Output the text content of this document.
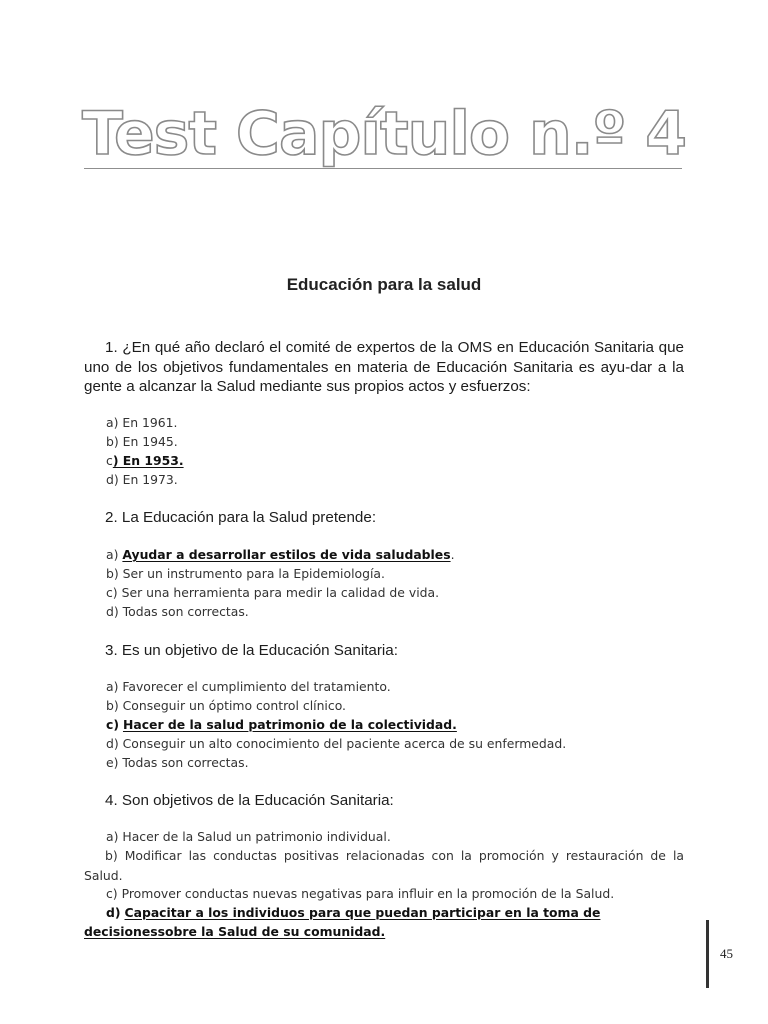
Test Capítulo n.º 4
Educación para la salud
1. ¿En qué año declaró el comité de expertos de la OMS en Educación Sanitaria que uno de los objetivos fundamentales en materia de Educación Sanitaria es ayu-dar a la gente a alcanzar la Salud mediante sus propios actos y esfuerzos:
a) En 1961.
b) En 1945.
c) En 1953.
d) En 1973.
2. La Educación para la Salud pretende:
a) Ayudar a desarrollar estilos de vida saludables.
b) Ser un instrumento para la Epidemiología.
c) Ser una herramienta para medir la calidad de vida.
d) Todas son correctas.
3. Es un objetivo de la Educación Sanitaria:
a) Favorecer el cumplimiento del tratamiento.
b) Conseguir un óptimo control clínico.
c) Hacer de la salud patrimonio de la colectividad.
d) Conseguir un alto conocimiento del paciente acerca de su enfermedad.
e) Todas son correctas.
4. Son objetivos de la Educación Sanitaria:
a) Hacer de la Salud un patrimonio individual.
b) Modificar las conductas positivas relacionadas con la promoción y restauración de la Salud.
c) Promover conductas nuevas negativas para influir en la promoción de la Salud.
d) Capacitar a los individuos para que puedan participar en la toma de
decisionessobre la Salud de su comunidad.
45
